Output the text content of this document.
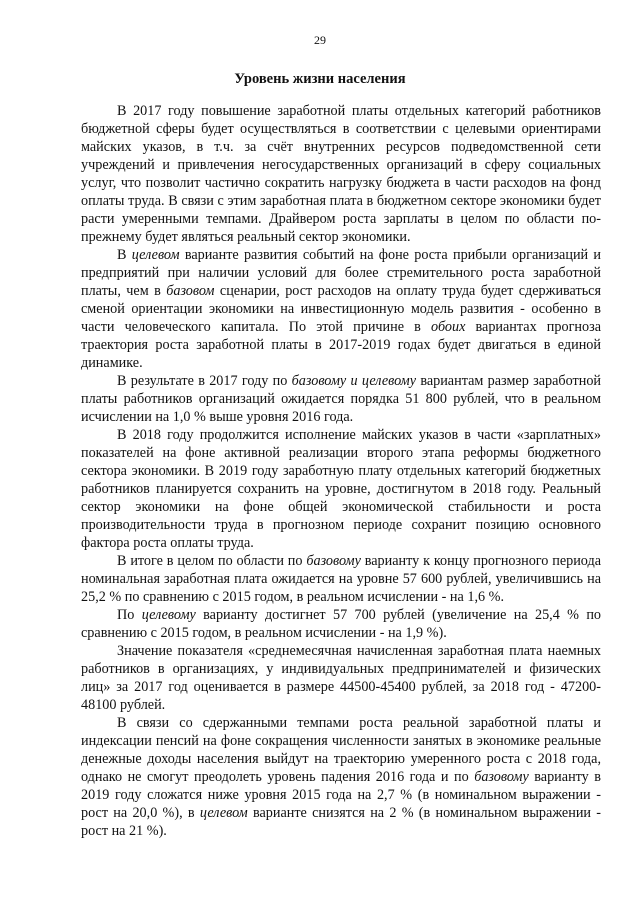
29
Уровень жизни населения

В 2017 году повышение заработной платы отдельных категорий работников бюджетной сферы будет осуществляться в соответствии с целевыми ориентирами майских указов, в т.ч. за счёт внутренних ресурсов подведомственной сети учреждений и привлечения негосударственных организаций в сферу социальных услуг, что позволит частично сократить нагрузку бюджета в части расходов на фонд оплаты труда. В связи с этим заработная плата в бюджетном секторе экономики будет расти умеренными темпами. Драйвером роста зарплаты в целом по области по-прежнему будет являться реальный сектор экономики.

В целевом варианте развития событий на фоне роста прибыли организаций и предприятий при наличии условий для более стремительного роста заработной платы, чем в базовом сценарии, рост расходов на оплату труда будет сдерживаться сменой ориентации экономики на инвестиционную модель развития - особенно в части человеческого капитала. По этой причине в обоих вариантах прогноза траектория роста заработной платы в 2017-2019 годах будет двигаться в единой динамике.

В результате в 2017 году по базовому и целевому вариантам размер заработной платы работников организаций ожидается порядка 51 800 рублей, что в реальном исчислении на 1,0 % выше уровня 2016 года.

В 2018 году продолжится исполнение майских указов в части «зарплатных» показателей на фоне активной реализации второго этапа реформы бюджетного сектора экономики. В 2019 году заработную плату отдельных категорий бюджетных работников планируется сохранить на уровне, достигнутом в 2018 году. Реальный сектор экономики на фоне общей экономической стабильности и роста производительности труда в прогнозном периоде сохранит позицию основного фактора роста оплаты труда.

В итоге в целом по области по базовому варианту к концу прогнозного периода номинальная заработная плата ожидается на уровне 57 600 рублей, увеличившись на 25,2 % по сравнению с 2015 годом, в реальном исчислении - на 1,6 %.

По целевому варианту достигнет 57 700 рублей (увеличение на 25,4 % по сравнению с 2015 годом, в реальном исчислении - на 1,9 %).

Значение показателя «среднемесячная начисленная заработная плата наемных работников в организациях, у индивидуальных предпринимателей и физических лиц» за 2017 год оценивается в размере 44500-45400 рублей, за 2018 год - 47200-48100 рублей.

В связи со сдержанными темпами роста реальной заработной платы и индексации пенсий на фоне сокращения численности занятых в экономике реальные денежные доходы населения выйдут на траекторию умеренного роста с 2018 года, однако не смогут преодолеть уровень падения 2016 года и по базовому варианту в 2019 году сложатся ниже уровня 2015 года на 2,7 % (в номинальном выражении - рост на 20,0 %), в целевом варианте снизятся на 2 % (в номинальном выражении - рост на 21 %).
